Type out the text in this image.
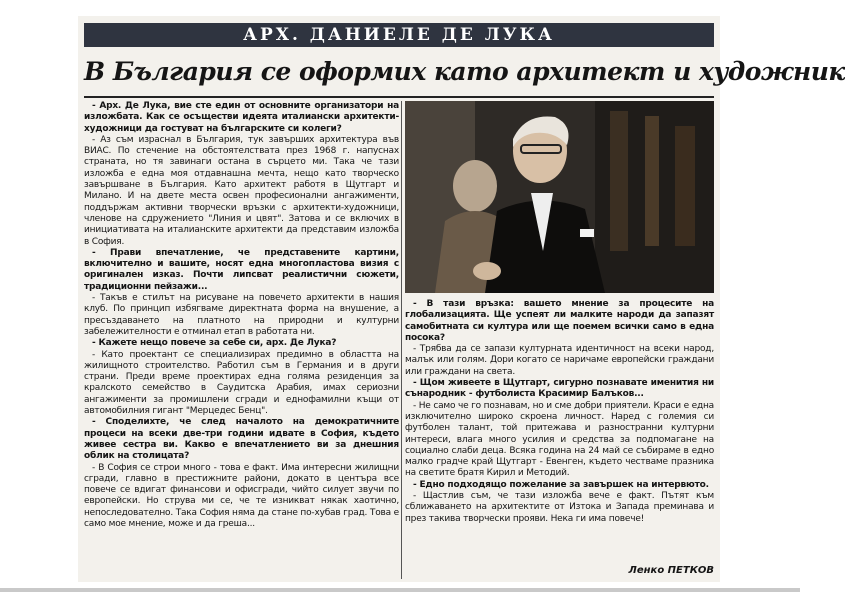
АРХ. ДАНИЕЛЕ ДЕ ЛУКА
В България се оформих като архитект и художник

- Арх. Де Лука, вие сте един от основните организатори на изложбата. Как се осъществи идеята италиански архитекти-художници да гостуват на българските си колеги?

- Аз съм израснал в България, тук завърших архитектура във ВИАС. По стечение на обстоятелствата през 1968 г. напуснах страната, но тя завинаги остана в сърцето ми. Така че тази изложба е една моя отдавнашна мечта, нещо като творческо завършване в България. Като архитект работя в Щутгарт и Милано. И на двете места освен професионални ангажименти, поддържам активни творчески връзки с архитекти-художници, членове на сдружението "Линия и цвят". Затова и се включих в инициативата на италианските архитекти да представим изложба в София.

- Прави впечатление, че представените картини, включително и вашите, носят една многопластова визия с оригинален изказ. Почти липсват реалистични сюжети, традиционни пейзажи...

- Такъв е стилът на рисуване на повечето архитекти в нашия клуб. По принцип избягваме директната форма на внушение, а пресъздаването на платното на природни и културни забележителности е отминал етап в работата ни.

- Кажете нещо повече за себе си, арх. Де Лука?

- Като проектант се специализирах предимно в областта на жилищното строителство. Работил съм в Германия и в други страни. Преди време проектирах една голяма резиденция за кралското семейство в Саудитска Арабия, имах сериозни ангажименти за промишлени сгради и еднофамилни къщи от автомобилния гигант "Мерцедес Бенц".

- Споделихте, че след началото на демократичните процеси на всеки две-три години идвате в София, където живее сестра ви. Какво е впечатлението ви за днешния облик на столицата?

- В София се строи много - това е факт. Има интересни жилищни сгради, главно в престижните райони, докато в центъра все повече се вдигат финансови и офисгради, чийто силует звучи по европейски. Но струва ми се, че те изникват някак хаотично, непоследователно. Така София няма да стане по-хубав град. Това е само мое мнение, може и да греша...

- В тази връзка: вашето мнение за процесите на глобализацията. Ще успеят ли малките народи да запазят самобитната си култура или ще поемем всички само в една посока?

- Трябва да се запази културната идентичност на всеки народ, малък или голям. Дори когато се наричаме европейски граждани или граждани на света.

- Щом живеете в Щутгарт, сигурно познавате именития ни сънародник - футболиста Красимир Балъков...

- Не само че го познавам, но и сме добри приятели. Краси е една изключително широко скроена личност. Наред с големия си футболен талант, той притежава и разностранни културни интереси, влага много усилия и средства за подпомагане на социално слаби деца. Всяка година на 24 май се събираме в едно малко градче край Щутгарт - Евенген, където честваме празника на светите братя Кирил и Методий.

- Едно подходящо пожелание за завършек на интервюто.

- Щастлив съм, че тази изложба вече е факт. Пътят към сближаването на архитектите от Изтока и Запада преминава и през такива творчески прояви. Нека ги има повече!

Ленко ПЕТКОВ
